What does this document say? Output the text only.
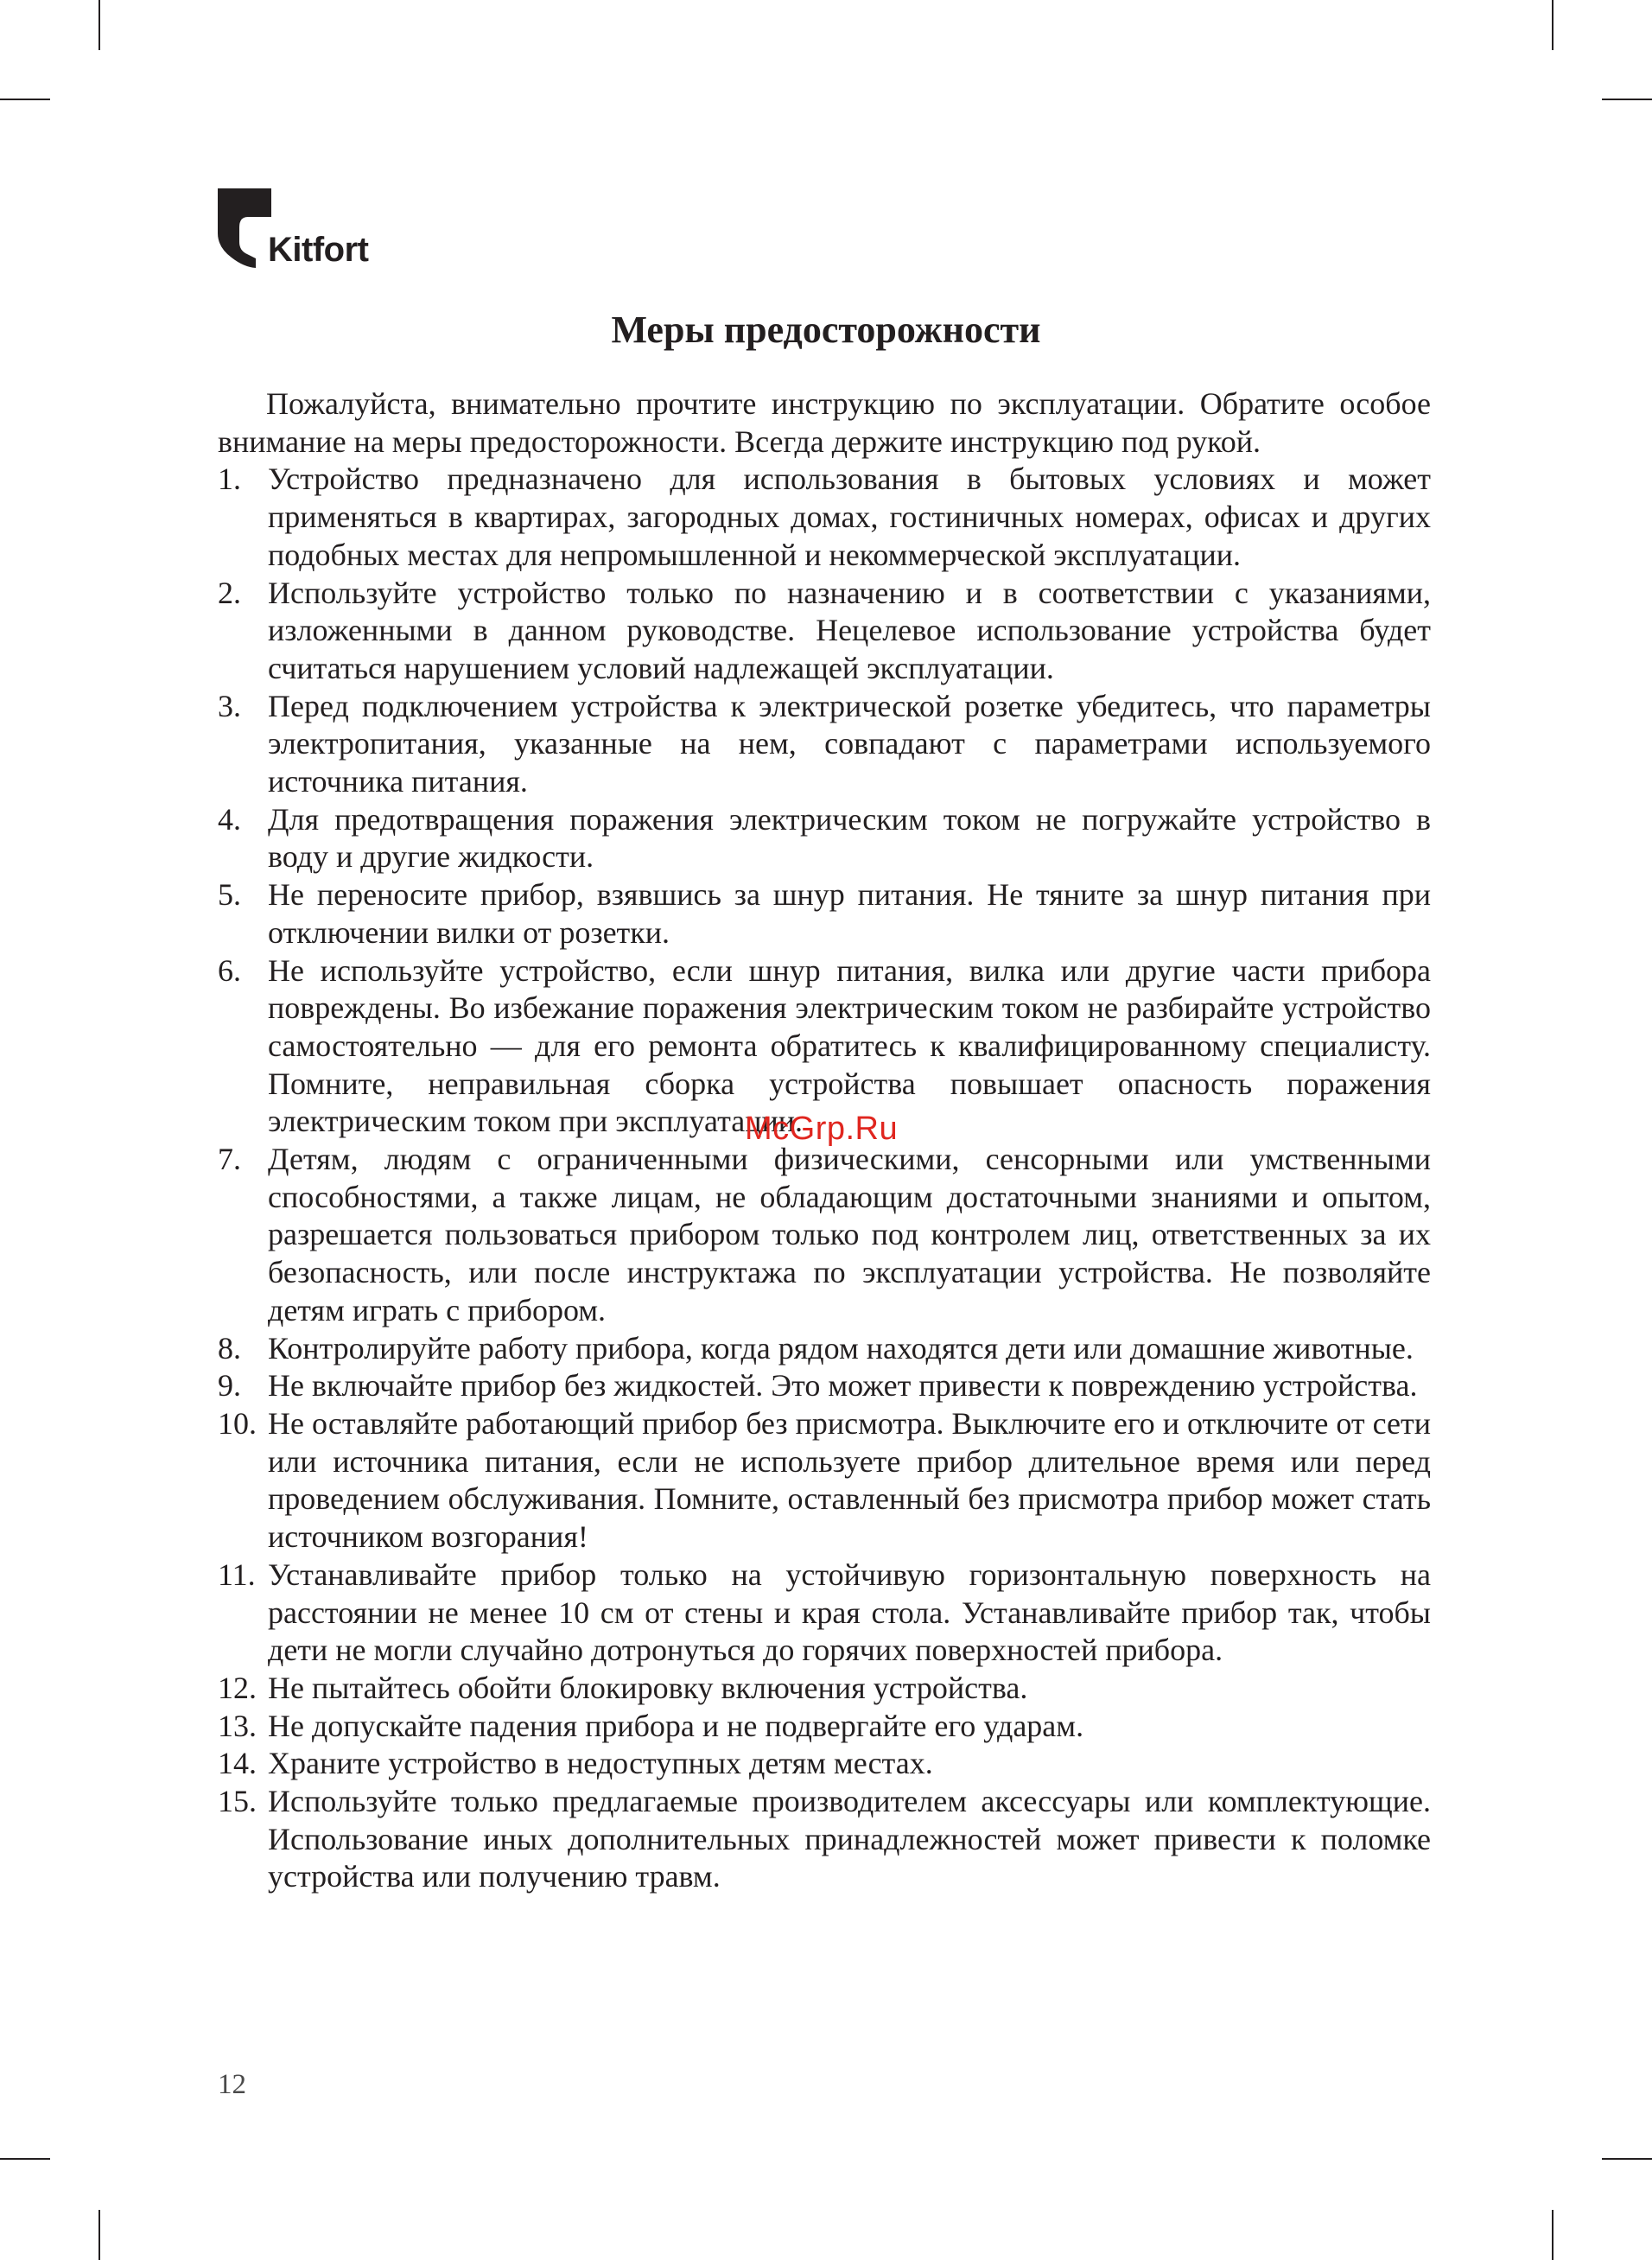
Kitfort
Меры предосторожности

Пожалуйста, внимательно прочтите инструкцию по эксплуатации. Обратите особое внимание на меры предосторожности. Всегда держите инструкцию под рукой.

1. Устройство предназначено для использования в бытовых условиях и может применяться в квартирах, загородных домах, гостиничных номерах, офисах и других подобных местах для непромышленной и некоммерческой эксплуатации.
2. Используйте устройство только по назначению и в соответствии с указаниями, изложенными в данном руководстве. Нецелевое использование устройства будет считаться нарушением условий надлежащей эксплуатации.
3. Перед подключением устройства к электрической розетке убедитесь, что параметры электропитания, указанные на нем, совпадают с параметрами используемого источника питания.
4. Для предотвращения поражения электрическим током не погружайте устройство в воду и другие жидкости.
5. Не переносите прибор, взявшись за шнур питания. Не тяните за шнур питания при отключении вилки от розетки.
6. Не используйте устройство, если шнур питания, вилка или другие части прибора повреждены. Во избежание поражения электрическим током не разбирайте устройство самостоятельно — для его ремонта обратитесь к квалифицированному специалисту. Помните, неправильная сборка устройства повышает опасность поражения электрическим током при эксплуатации.
7. Детям, людям с ограниченными физическими, сенсорными или умственными способностями, а также лицам, не обладающим достаточными знаниями и опытом, разрешается пользоваться прибором только под контролем лиц, ответственных за их безопасность, или после инструктажа по эксплуатации устройства. Не позволяйте детям играть с прибором.
8. Контролируйте работу прибора, когда рядом находятся дети или домашние животные.
9. Не включайте прибор без жидкостей. Это может привести к повреждению устройства.
10. Не оставляйте работающий прибор без присмотра. Выключите его и отключите от сети или источника питания, если не используете прибор длительное время или перед проведением обслуживания. Помните, оставленный без присмотра прибор может стать источником возгорания!
11. Устанавливайте прибор только на устойчивую горизонтальную поверхность на расстоянии не менее 10 см от стены и края стола. Устанавливайте прибор так, чтобы дети не могли случайно дотронуться до горячих поверхностей прибора.
12. Не пытайтесь обойти блокировку включения устройства.
13. Не допускайте падения прибора и не подвергайте его ударам.
14. Храните устройство в недоступных детям местах.
15. Используйте только предлагаемые производителем аксессуары или комплектующие. Использование иных дополнительных принадлежностей может привести к поломке устройства или получению травм.
McGrp.Ru
12
